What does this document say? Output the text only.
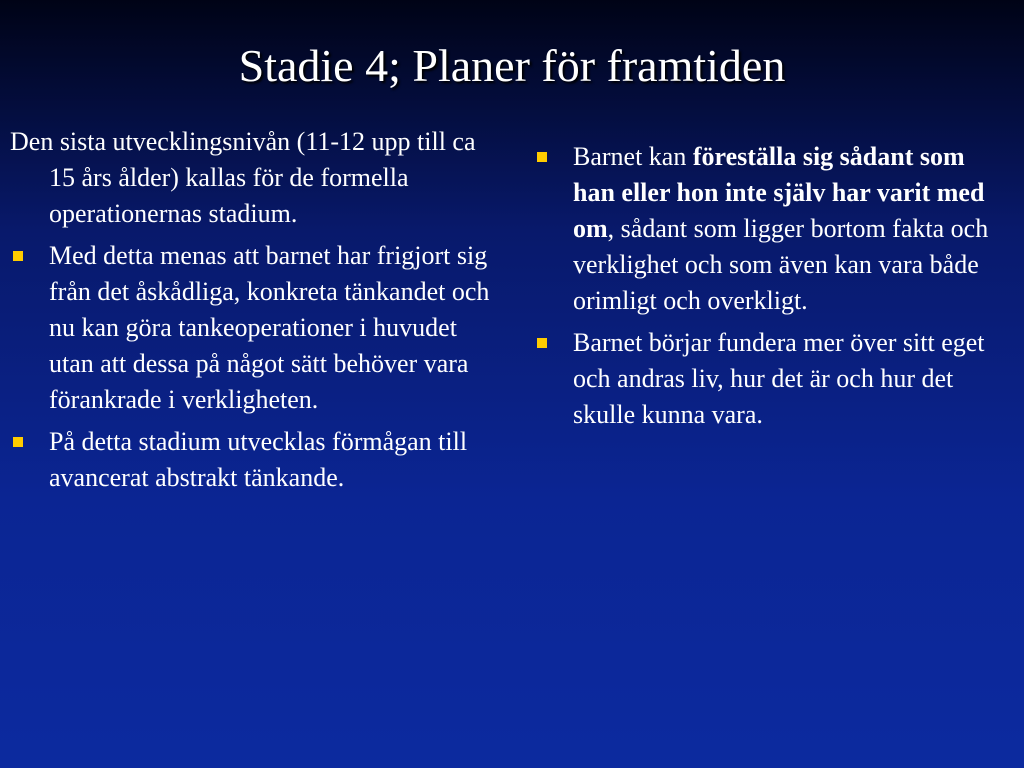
Stadie 4; Planer för framtiden

Den sista utvecklingsnivån (11-12 upp till ca 15 års ålder) kallas för de formella operationernas stadium.

Med detta menas att barnet har frigjort sig från det åskådliga, konkreta tänkandet och nu kan göra tankeoperationer i huvudet utan att dessa på något sätt behöver vara förankrade i verkligheten.
På detta stadium utvecklas förmågan till avancerat abstrakt tänkande.
Barnet kan föreställa sig sådant som han eller hon inte själv har varit med om, sådant som ligger bortom fakta och verklighet och som även kan vara både orimligt och overkligt.
Barnet börjar fundera mer över sitt eget och andras liv, hur det är och hur det skulle kunna vara.
